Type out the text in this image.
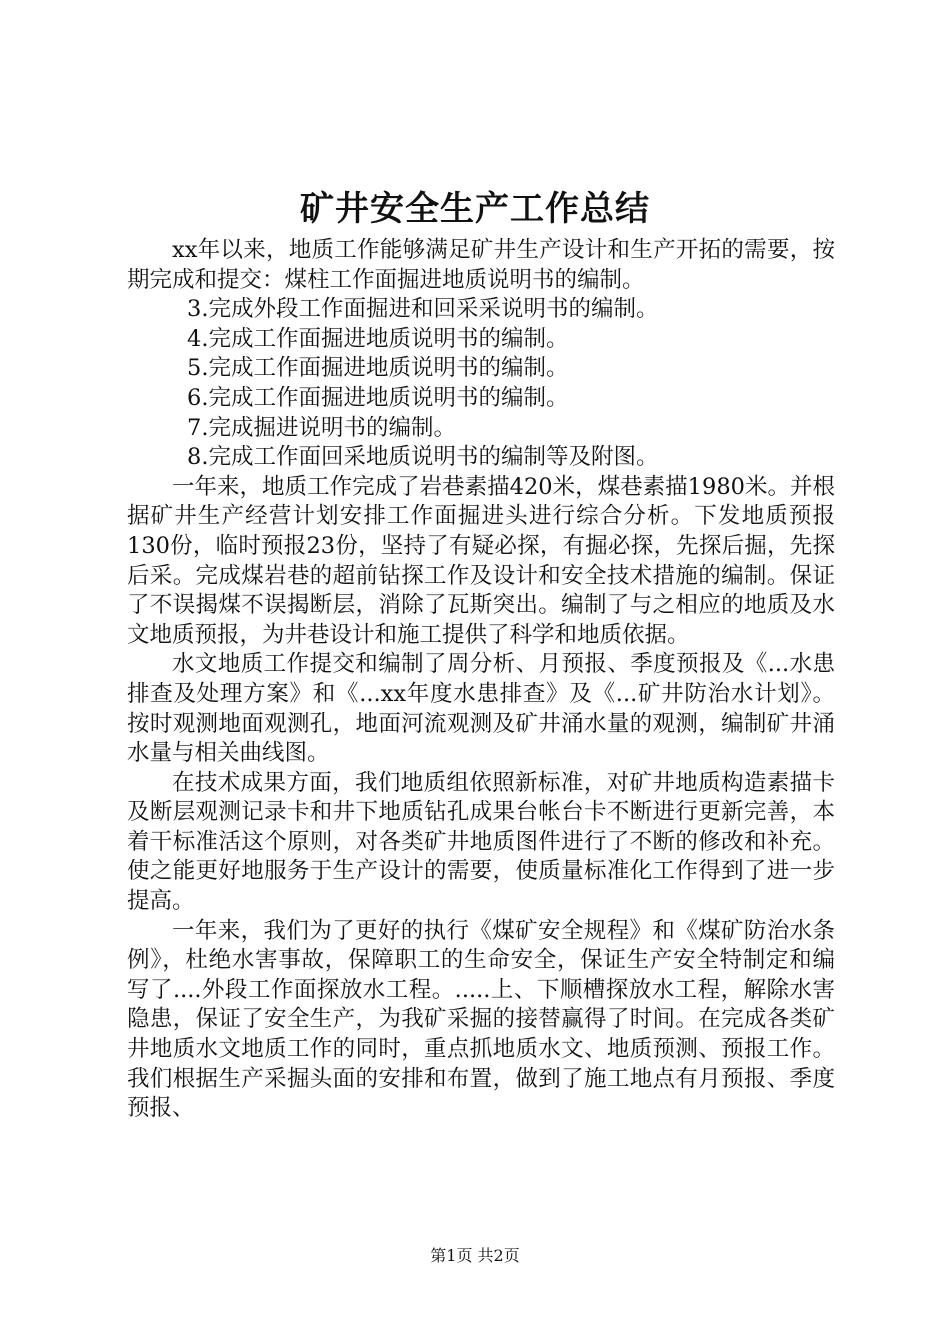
矿井安全生产工作总结

xx年以来，地质工作能够满足矿井生产设计和生产开拓的需要，按期完成和提交：煤柱工作面掘进地质说明书的编制。

3.完成外段工作面掘进和回采采说明书的编制。

4.完成工作面掘进地质说明书的编制。

5.完成工作面掘进地质说明书的编制。

6.完成工作面掘进地质说明书的编制。

7.完成掘进说明书的编制。

8.完成工作面回采地质说明书的编制等及附图。

一年来，地质工作完成了岩巷素描420米，煤巷素描1980米。并根据矿井生产经营计划安排工作面掘进头进行综合分析。下发地质预报130份，临时预报23份，坚持了有疑必探，有掘必探，先探后掘，先探后采。完成煤岩巷的超前钻探工作及设计和安全技术措施的编制。保证了不误揭煤不误揭断层，消除了瓦斯突出。编制了与之相应的地质及水文地质预报，为井巷设计和施工提供了科学和地质依据。

水文地质工作提交和编制了周分析、月预报、季度预报及《...水患排查及处理方案》和《...xx年度水患排查》及《...矿井防治水计划》。按时观测地面观测孔，地面河流观测及矿井涌水量的观测，编制矿井涌水量与相关曲线图。

在技术成果方面，我们地质组依照新标准，对矿井地质构造素描卡及断层观测记录卡和井下地质钻孔成果台帐台卡不断进行更新完善，本着干标准活这个原则，对各类矿井地质图件进行了不断的修改和补充。使之能更好地服务于生产设计的需要，使质量标准化工作得到了进一步提高。

一年来，我们为了更好的执行《煤矿安全规程》和《煤矿防治水条例》，杜绝水害事故，保障职工的生命安全，保证生产安全特制定和编写了....外段工作面探放水工程。.....上、下顺槽探放水工程，解除水害隐患，保证了安全生产，为我矿采掘的接替赢得了时间。在完成各类矿井地质水文地质工作的同时，重点抓地质水文、地质预测、预报工作。我们根据生产采掘头面的安排和布置，做到了施工地点有月预报、季度预报、

第1页 共2页
